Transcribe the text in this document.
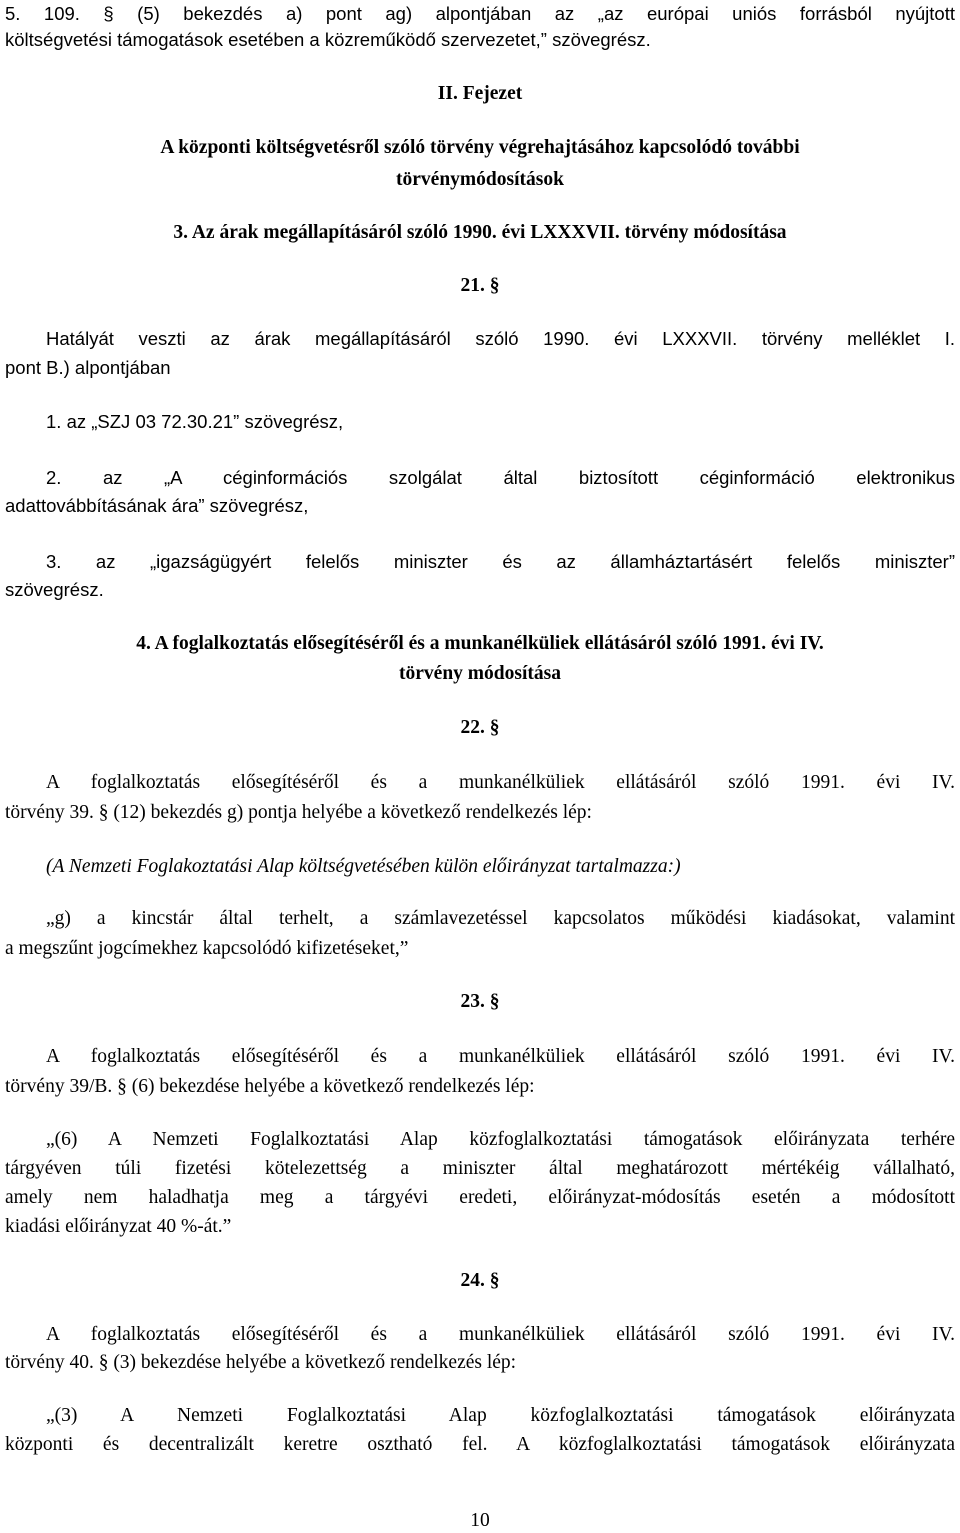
5. 109. § (5) bekezdés a) pont ag) alpontjában az „az európai uniós forrásból nyújtott
költségvetési támogatások esetében a közreműködő szervezetet,” szövegrész.
II. Fejezet
A központi költségvetésről szóló törvény végrehajtásához kapcsolódó további
törvénymódosítások
3. Az árak megállapításáról szóló 1990. évi LXXXVII. törvény módosítása
21. §
Hatályát veszti az árak megállapításáról szóló 1990. évi LXXXVII. törvény melléklet I.
pont B.) alpontjában
1. az „SZJ 03 72.30.21” szövegrész,
2. az „A céginformációs szolgálat által biztosított céginformáció elektronikus
adattovábbításának ára” szövegrész,
3. az „igazságügyért felelős miniszter és az államháztartásért felelős miniszter”
szövegrész.
4. A foglalkoztatás elősegítéséről és a munkanélküliek ellátásáról szóló 1991. évi IV.
törvény módosítása
22. §
A foglalkoztatás elősegítéséről és a munkanélküliek ellátásáról szóló 1991. évi IV.
törvény 39. § (12) bekezdés g) pontja helyébe a következő rendelkezés lép:
(A Nemzeti Foglakoztatási Alap költségvetésében külön előirányzat tartalmazza:)
„g) a kincstár által terhelt, a számlavezetéssel kapcsolatos működési kiadásokat, valamint
a megszűnt jogcímekhez kapcsolódó kifizetéseket,”
23. §
A foglalkoztatás elősegítéséről és a munkanélküliek ellátásáról szóló 1991. évi IV.
törvény 39/B. § (6) bekezdése helyébe a következő rendelkezés lép:
„(6) A Nemzeti Foglalkoztatási Alap közfoglalkoztatási támogatások előirányzata terhére
tárgyéven túli fizetési kötelezettség a miniszter által meghatározott mértékéig vállalható,
amely nem haladhatja meg a tárgyévi eredeti, előirányzat-módosítás esetén a módosított
kiadási előirányzat 40 %-át.”
24. §
A foglalkoztatás elősegítéséről és a munkanélküliek ellátásáról szóló 1991. évi IV.
törvény 40. § (3) bekezdése helyébe a következő rendelkezés lép:
„(3) A Nemzeti Foglalkoztatási Alap közfoglalkoztatási támogatások előirányzata
központi és decentralizált keretre osztható fel. A közfoglalkoztatási támogatások előirányzata
10
